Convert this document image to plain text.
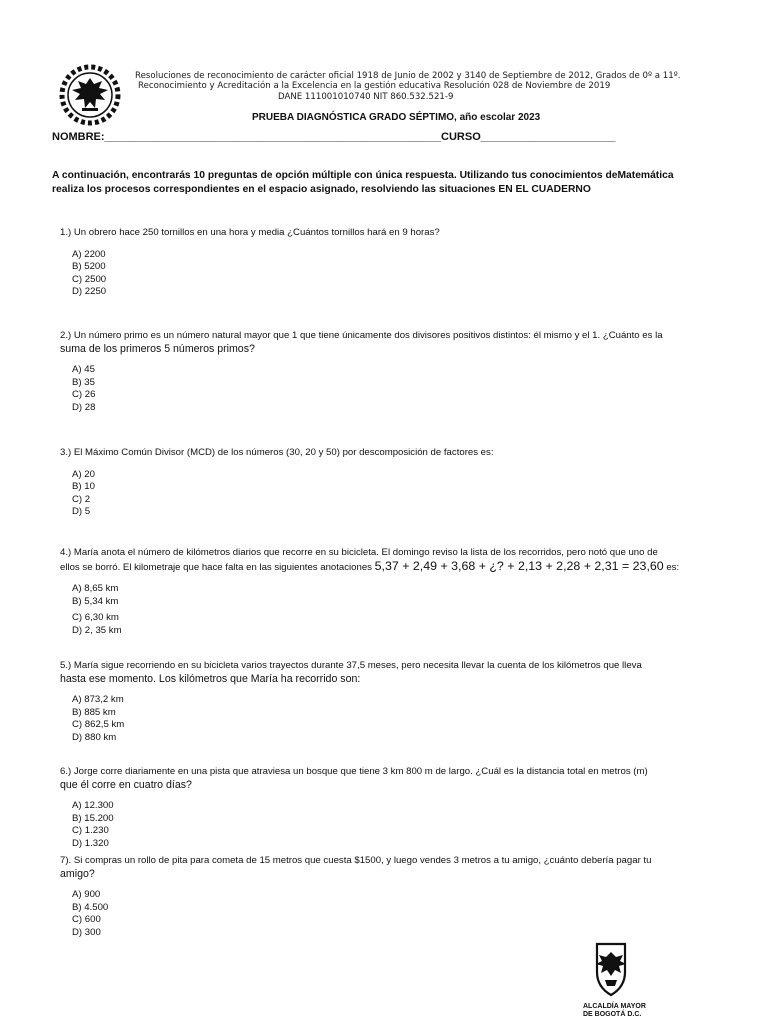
Resoluciones de reconocimiento de carácter oficial 1918 de Junio de 2002 y 3140 de Septiembre de 2012, Grados de 0º a 11º.
Reconocimiento y Acreditación a la Excelencia en la gestión educativa Resolución 028 de Noviembre de 2019
DANE 111001010740 NIT 860.532.521-9
PRUEBA DIAGNÓSTICA GRADO SÉPTIMO, año escolar 2023
NOMBRE:_______________________________________________________CURSO______________________
A continuación, encontrarás 10 preguntas de opción múltiple con única respuesta. Utilizando tus conocimientos deMatemática
realiza los procesos correspondientes en el espacio asignado, resolviendo las situaciones EN EL CUADERNO
1.) Un obrero hace 250 tornillos en una hora y media ¿Cuántos tornillos hará en 9 horas?
A) 2200
B) 5200
C) 2500
D) 2250
2.) Un número primo es un número natural mayor que 1 que tiene únicamente dos divisores positivos distintos: él mismo y el 1. ¿Cuánto es la
suma de los primeros 5 números primos?
A) 45
B) 35
C) 26
D) 28
3.) El Máximo Común Divisor (MCD) de los números (30, 20 y 50) por descomposición de factores es:
A) 20
B) 10
C) 2
D) 5
4.) María anota el número de kilómetros diarios que recorre en su bicicleta. El domingo reviso la lista de los recorridos, pero notó que uno de
ellos se borró. El kilometraje que hace falta en las siguientes anotaciones 5,37 + 2,49 + 3,68 + ¿? + 2,13 + 2,28 + 2,31 = 23,60 es:
A) 8,65 km
B) 5,34 km
C) 6,30 km
D) 2, 35 km
5.) María sigue recorriendo en su bicicleta varios trayectos durante 37,5 meses, pero necesita llevar la cuenta de los kilómetros que lleva
hasta ese momento. Los kilómetros que María ha recorrido son:
A) 873,2 km
B) 885 km
C) 862,5 km
D) 880 km
6.) Jorge corre diariamente en una pista que atraviesa un bosque que tiene 3 km 800 m de largo. ¿Cuál es la distancia total en metros (m)
que él corre en cuatro días?
A) 12.300
B) 15.200
C) 1.230
D) 1.320
7). Si compras un rollo de pita para cometa de 15 metros que cuesta $1500, y luego vendes 3 metros a tu amigo, ¿cuánto debería pagar tu
amigo?
A) 900
B) 4.500
C) 600
D) 300
ALCALDÍA MAYOR
DE BOGOTÁ D.C.
